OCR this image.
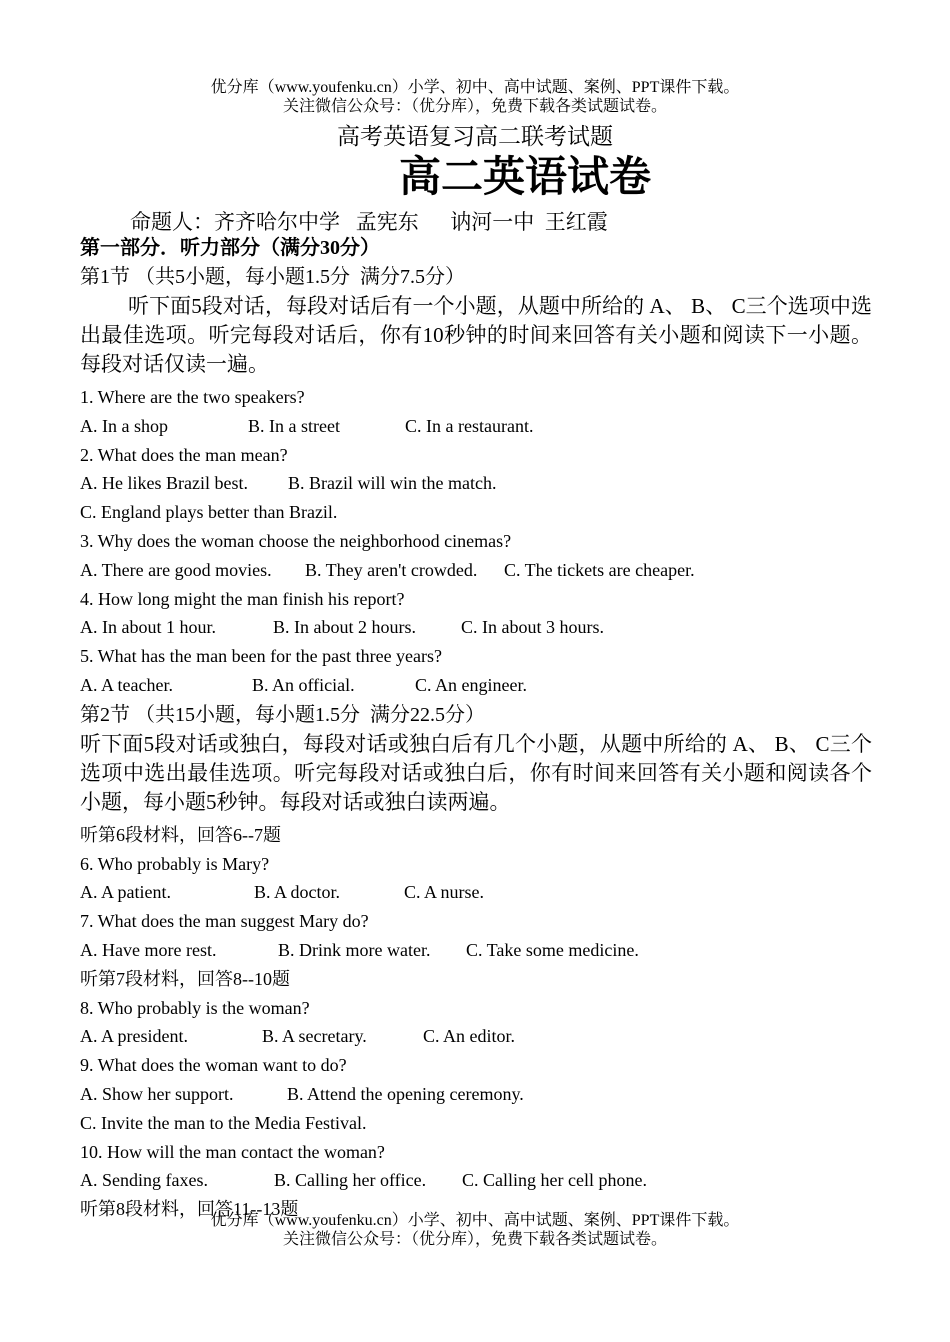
优分库（www.youfenku.cn）小学、初中、高中试题、案例、PPT课件下载。
关注微信公众号：（优分库），免费下载各类试题试卷。
高考英语复习高二联考试题
高二英语试卷
命题人：齐齐哈尔中学   孟宪东      讷河一中  王红霞
第一部分．听力部分（满分30分）
第1节 （共5小题，每小题1.5分  满分7.5分）
听下面5段对话，每段对话后有一个小题，从题中所给的 A、 B、 C三个选项中选出最佳选项。听完每段对话后，你有10秒钟的时间来回答有关小题和阅读下一小题。每段对话仅读一遍。
1. Where are the two speakers?
A. In a shop	B. In a street	C. In a restaurant.
2. What does the man mean?
A. He likes Brazil best. B. Brazil will win the match.
C. England plays better than Brazil.
3. Why does the woman choose the neighborhood cinemas?
A. There are good movies. B. They aren't crowded. C. The tickets are cheaper.
4. How long might the man finish his report?
A. In about 1 hour.	B. In about 2 hours.	C. In about 3 hours.
5. What has the man been for the past three years?
A. A teacher.	B. An official.	C. An engineer.
第2节 （共15小题，每小题1.5分  满分22.5分）
听下面5段对话或独白，每段对话或独白后有几个小题，从题中所给的 A、 B、 C三个选项中选出最佳选项。听完每段对话或独白后，你有时间来回答有关小题和阅读各个小题，每小题5秒钟。每段对话或独白读两遍。
听第6段材料，回答6--7题
6. Who probably is Mary?
A. A patient.	B. A doctor.	C. A nurse.
7. What does the man suggest Mary do?
A. Have more rest.	B. Drink more water. C. Take some medicine.
听第7段材料，回答8--10题
8. Who probably is the woman?
A. A president.	B. A secretary.	C. An editor.
9. What does the woman want to do?
A. Show her support.	B. Attend the opening ceremony.
C. Invite the man to the Media Festival.
10. How will the man contact the woman?
A. Sending faxes.	B. Calling her office. C. Calling her cell phone.
听第8段材料，回答11--13题
优分库（www.youfenku.cn）小学、初中、高中试题、案例、PPT课件下载。
关注微信公众号：（优分库），免费下载各类试题试卷。
